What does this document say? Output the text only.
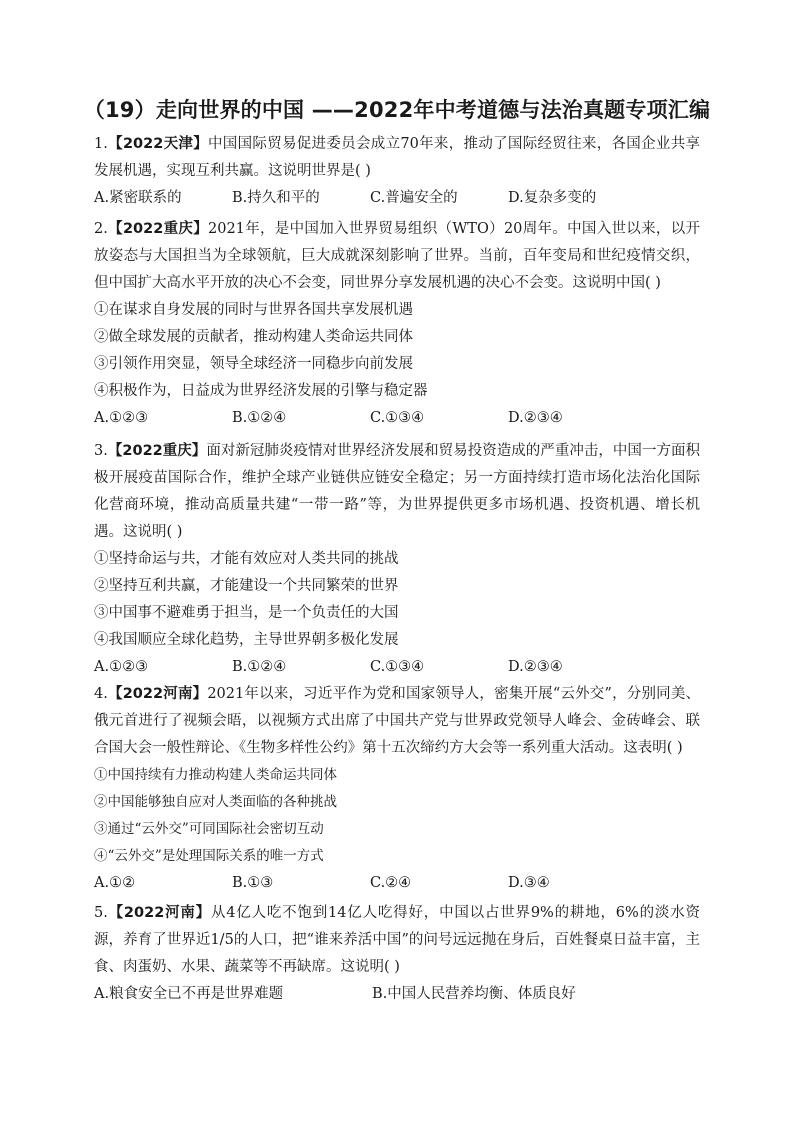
（19）走向世界的中国 ——2022年中考道德与法治真题专项汇编

1.【2022天津】中国国际贸易促进委员会成立70年来，推动了国际经贸往来，各国企业共享发展机遇，实现互利共赢。这说明世界是( )

A.紧密联系的	B.持久和平的	C.普遍安全的	D.复杂多变的

2.【2022重庆】2021年，是中国加入世界贸易组织（WTO）20周年。中国入世以来，以开放姿态与大国担当为全球领航，巨大成就深刻影响了世界。当前，百年变局和世纪疫情交织，但中国扩大高水平开放的决心不会变，同世界分享发展机遇的决心不会变。这说明中国( )

①在谋求自身发展的同时与世界各国共享发展机遇

②做全球发展的贡献者，推动构建人类命运共同体

③引领作用突显，领导全球经济一同稳步向前发展

④积极作为，日益成为世界经济发展的引擎与稳定器

A.①②③	B.①②④	C.①③④	D.②③④

3.【2022重庆】面对新冠肺炎疫情对世界经济发展和贸易投资造成的严重冲击，中国一方面积极开展疫苗国际合作，维护全球产业链供应链安全稳定；另一方面持续打造市场化法治化国际化营商环境，推动高质量共建“一带一路”等，为世界提供更多市场机遇、投资机遇、增长机遇。这说明( )

①坚持命运与共，才能有效应对人类共同的挑战

②坚持互利共赢，才能建设一个共同繁荣的世界

③中国事不避难勇于担当，是一个负责任的大国

④我国顺应全球化趋势，主导世界朝多极化发展

A.①②③	B.①②④	C.①③④	D.②③④

4.【2022河南】2021年以来，习近平作为党和国家领导人，密集开展“云外交”，分别同美、俄元首进行了视频会晤，以视频方式出席了中国共产党与世界政党领导人峰会、金砖峰会、联合国大会一般性辩论、《生物多样性公约》第十五次缔约方大会等一系列重大活动。这表明( )

①中国持续有力推动构建人类命运共同体

②中国能够独自应对人类面临的各种挑战

③通过“云外交”可同国际社会密切互动

④“云外交”是处理国际关系的唯一方式

A.①②	B.①③	C.②④	D.③④

5.【2022河南】从4亿人吃不饱到14亿人吃得好，中国以占世界9%的耕地，6%的淡水资源，养育了世界近1/5的人口，把“谁来养活中国”的问号远远抛在身后，百姓餐桌日益丰富，主食、肉蛋奶、水果、蔬菜等不再缺席。这说明( )

A.粮食安全已不再是世界难题	B.中国人民营养均衡、体质良好
